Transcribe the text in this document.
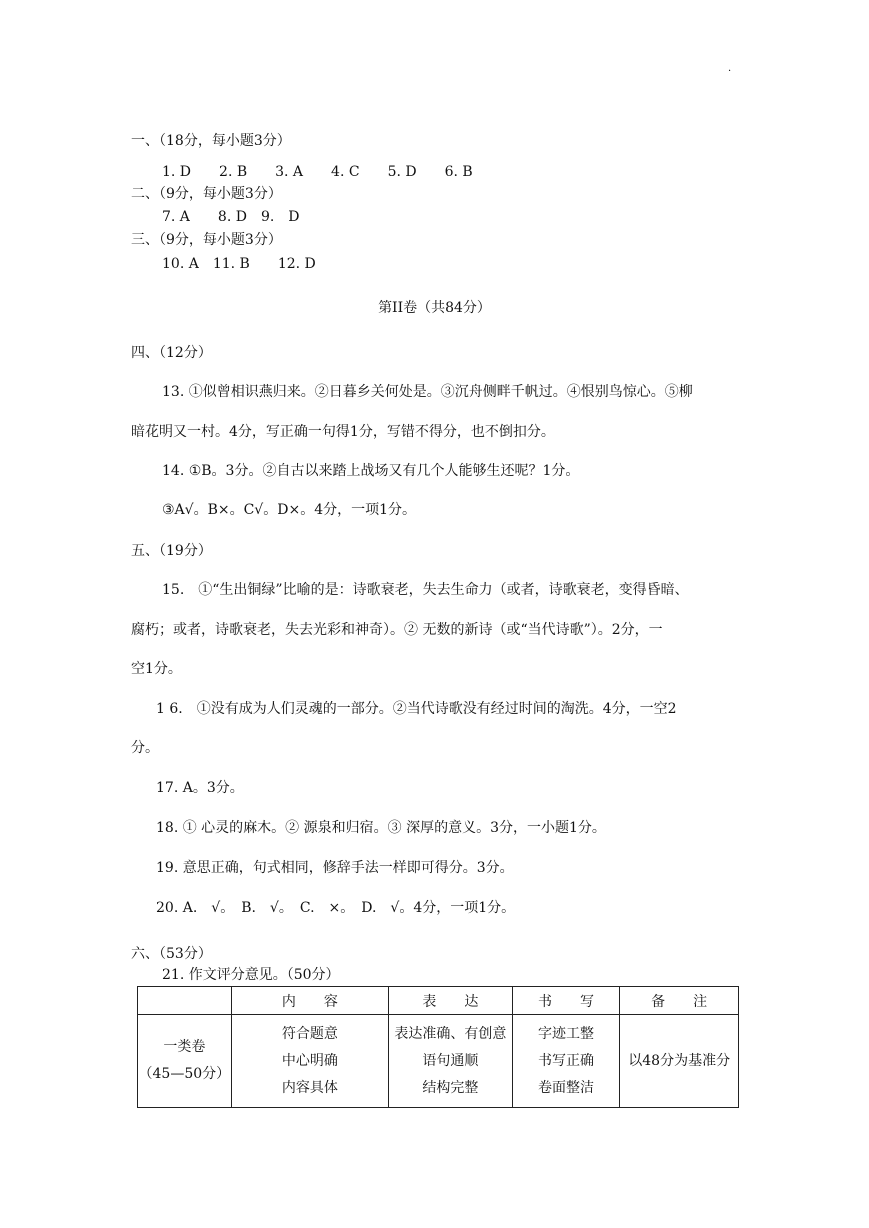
·
一、（18分，每小题3分）
1. D　　2. B　　3. A　　4. C　　5. D　　6. B
二、（9分，每小题3分）
7. A　　8. D　9.　D
三、（9分，每小题3分）
10. A　11. B　　12. D
第II卷（共84分）
四、（12分）
13. ①似曾相识燕归来。②日暮乡关何处是。③沉舟侧畔千帆过。④恨别鸟惊心。⑤柳
暗花明又一村。4分，写正确一句得1分，写错不得分，也不倒扣分。
14. ①B。3分。②自古以来踏上战场又有几个人能够生还呢？1分。
③A√。B×。C√。D×。4分，一项1分。
五、（19分）
15.　①“生出铜绿”比喻的是：诗歌衰老，失去生命力（或者，诗歌衰老，变得昏暗、
腐朽；或者，诗歌衰老，失去光彩和神奇）。② 无数的新诗（或“当代诗歌”）。2分，一
空1分。
1 6.　①没有成为人们灵魂的一部分。②当代诗歌没有经过时间的淘洗。4分，一空2
分。
17. A。3分。
18. ① 心灵的麻木。② 源泉和归宿。③ 深厚的意义。3分，一小题1分。
19. 意思正确，句式相同，修辞手法一样即可得分。3分。
20. A.　√。　B.　√。　C.　×。　D.　√。4分，一项1分。
六、（53分）
21. 作文评分意见。（50分）
	内　　容	表　　达	书　　写	备　　注

一类卷
（45—50分）	符合题意
中心明确
内容具体	表达准确、有创意
语句通顺
结构完整	字迹工整
书写正确
卷面整洁	以48分为基准分
